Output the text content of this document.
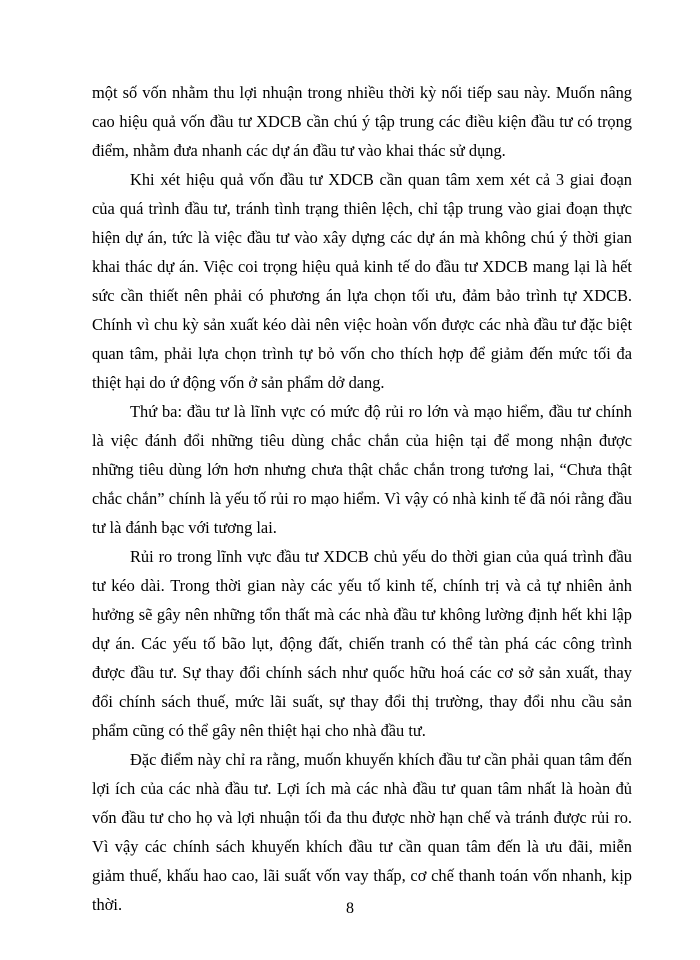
một số vốn nhằm thu lợi nhuận trong nhiều thời kỳ nối tiếp sau này. Muốn nâng cao hiệu quả vốn đầu tư XDCB cần chú ý tập trung các điều kiện đầu tư có trọng điểm, nhằm đưa nhanh các dự án đầu tư vào khai thác sử dụng.

Khi xét hiệu quả vốn đầu tư XDCB cần quan tâm xem xét cả 3 giai đoạn của quá trình đầu tư, tránh tình trạng thiên lệch, chỉ tập trung vào giai đoạn thực hiện dự án, tức là việc đầu tư vào xây dựng các dự án mà không chú ý thời gian khai thác dự án. Việc coi trọng hiệu quả kinh tế do đầu tư XDCB mang lại là hết sức cần thiết nên phải có phương án lựa chọn tối ưu, đảm bảo trình tự XDCB. Chính vì chu kỳ sản xuất kéo dài nên việc hoàn vốn được các nhà đầu tư đặc biệt quan tâm, phải lựa chọn trình tự bỏ vốn cho thích hợp để giảm đến mức tối đa thiệt hại do ứ động vốn ở sản phẩm dở dang.

Thứ ba: đầu tư là lĩnh vực có mức độ rủi ro lớn và mạo hiểm, đầu tư chính là việc đánh đổi những tiêu dùng chắc chắn của hiện tại để mong nhận được những tiêu dùng lớn hơn nhưng chưa thật chắc chắn trong tương lai, “Chưa thật chắc chắn” chính là yếu tố rủi ro mạo hiểm. Vì vậy có nhà kinh tế đã nói rằng đầu tư là đánh bạc với tương lai.

Rủi ro trong lĩnh vực đầu tư XDCB chủ yếu do thời gian của quá trình đầu tư kéo dài. Trong thời gian này các yếu tố kinh tế, chính trị và cả tự nhiên ảnh hưởng sẽ gây nên những tổn thất mà các nhà đầu tư không lường định hết khi lập dự án. Các yếu tố bão lụt, động đất, chiến tranh có thể tàn phá các công trình được đầu tư. Sự thay đổi chính sách như quốc hữu hoá các cơ sở sản xuất, thay đổi chính sách thuế, mức lãi suất, sự thay đổi thị trường, thay đổi nhu cầu sản phẩm cũng có thể gây nên thiệt hại cho nhà đầu tư.

Đặc điểm này chỉ ra rằng, muốn khuyến khích đầu tư cần phải quan tâm đến lợi ích của các nhà đầu tư. Lợi ích mà các nhà đầu tư quan tâm nhất là hoàn đủ vốn đầu tư cho họ và lợi nhuận tối đa thu được nhờ hạn chế và tránh được rủi ro. Vì vậy các chính sách khuyến khích đầu tư cần quan tâm đến là ưu đãi, miễn giảm thuế, khấu hao cao, lãi suất vốn vay thấp, cơ chế thanh toán vốn nhanh, kịp thời.	8
